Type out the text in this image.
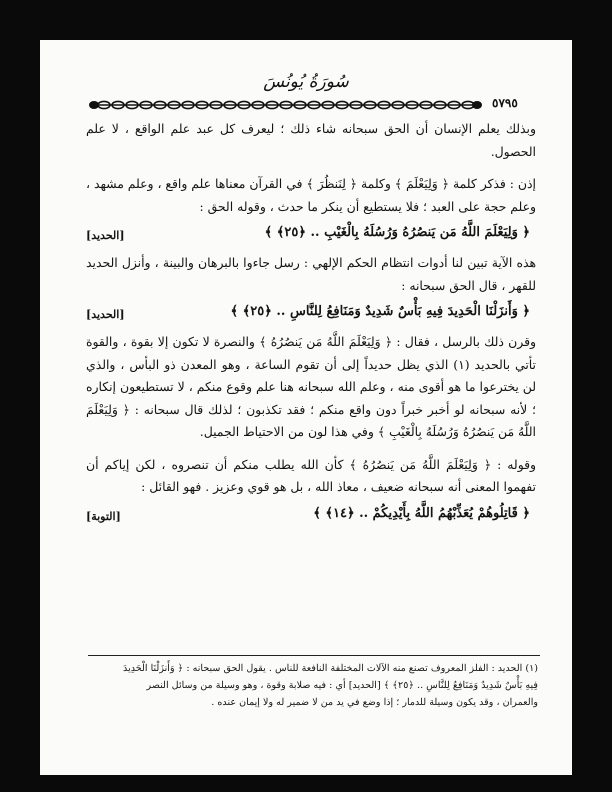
سُورَةُ يُونُسَ
٥٧٩٥

وبذلك يعلم الإنسان أن الحق سبحانه شاء ذلك ؛ ليعرف كل عبد علم الواقع ، لا علم الحصول.

إذن : فذكر كلمة ﴿ وَلِيَعْلَمَ ﴾ وكلمة ﴿ لِنَنظُرَ ﴾ في القرآن معناها علم واقع ، وعلم مشهد ، وعلم حجة على العبد ؛ فلا يستطيع أن ينكر ما حدث ، وقوله الحق :

﴿ وَلِيَعْلَمَ اللَّهُ مَن يَنصُرُهُ وَرُسُلَهُ بِالْغَيْبِ .. ﴿٢٥﴾ ﴾
[الحديد]

هذه الآية تبين لنا أدوات انتظام الحكم الإلهي : رسل جاءوا بالبرهان والبينة ، وأنزل الحديد للقهر ، قال الحق سبحانه :

﴿ وَأَنزَلْنَا الْحَدِيدَ فِيهِ بَأْسٌ شَدِيدٌ وَمَنَافِعُ لِلنَّاسِ .. ﴿٢٥﴾ ﴾
[الحديد]

وقرن ذلك بالرسل ، فقال : ﴿ وَلِيَعْلَمَ اللَّهُ مَن يَنصُرُهُ ﴾ والنصرة لا تكون إلا بقوة ، والقوة تأتي بالحديد (١) الذي يظل حديداً إلى أن تقوم الساعة ، وهو المعدن ذو البأس ، والذي لن يخترعوا ما هو أقوى منه ، وعلم الله سبحانه هنا علم وقوع منكم ، لا تستطيعون إنكاره ؛ لأنه سبحانه لو أخبر خبراً دون واقع منكم ؛ فقد تكذبون ؛ لذلك قال سبحانه : ﴿ وَلِيَعْلَمَ اللَّهُ مَن يَنصُرُهُ وَرُسُلَهُ بِالْغَيْبِ ﴾ وفي هذا لون من الاحتياط الجميل.

وقوله : ﴿ وَلِيَعْلَمَ اللَّهُ مَن يَنصُرُهُ ﴾ كأن الله يطلب منكم أن تنصروه ، لكن إياكم أن تفهموا المعنى أنه سبحانه ضعيف ، معاذ الله ، بل هو قوي وعزيز . فهو القائل :

﴿ قَاتِلُوهُمْ يُعَذِّبْهُمُ اللَّهُ بِأَيْدِيكُمْ .. ﴿١٤﴾ ﴾
[التوبة]

(١) الحديد : الفلز المعروف تصنع منه الآلات المختلفة النافعة للناس . يقول الحق سبحانه : ﴿ وَأَنزَلْنَا الْحَدِيدَ

فِيهِ بَأْسٌ شَدِيدٌ وَمَنَافِعُ لِلنَّاسِ .. ﴿٢٥﴾ ﴾ [الحديد] أي : فيه صلابة وقوة ، وهو وسيلة من وسائل النصر

والعمران ، وقد يكون وسيلة للدمار ؛ إذا وضع في يد من لا ضمير له ولا إيمان عنده .
